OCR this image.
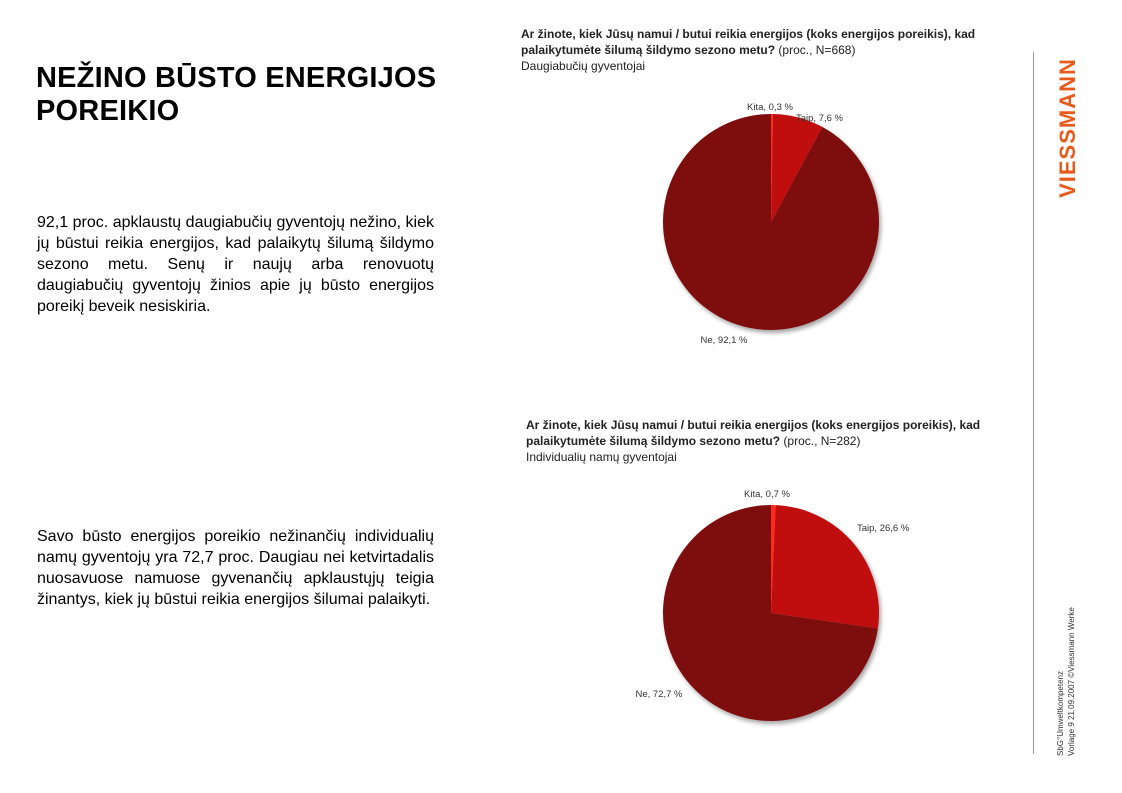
NEŽINO BŪSTO ENERGIJOS POREIKIO
92,1 proc. apklaustų daugiabučių gyventojų nežino, kiek jų būstui reikia energijos, kad palaikytų šilumą šildymo sezono metu. Senų ir naujų arba renovuotų daugiabučių gyventojų žinios apie jų būsto energijos poreikį beveik nesiskiria.
Savo būsto energijos poreikio nežinančių individualių namų gyventojų yra 72,7 proc. Daugiau nei ketvirtadalis nuosavuose namuose gyvenančių apklaustųjų teigia žinantys, kiek jų būstui reikia energijos šilumai palaikyti.
Ar žinote, kiek Jūsų namui / butui reikia energijos (koks energijos poreikis), kad palaikytumėte šilumą šildymo sezono metu? (proc., N=668)
Daugiabučių gyventojai
Ar žinote, kiek Jūsų namui / butui reikia energijos (koks energijos poreikis), kad palaikytumėte šilumą šildymo sezono metu? (proc., N=282)
Individualių namų gyventojai
Kita, 0,3 %
Taip, 7,6 %
Ne, 92,1 %
Kita, 0,7 %
Taip, 26,6 %
Ne, 72,7 %
VIESSMANN
SbG°Umweltkompetenz Vorlage 9 21.09.2007 ©Viessmann Werke
